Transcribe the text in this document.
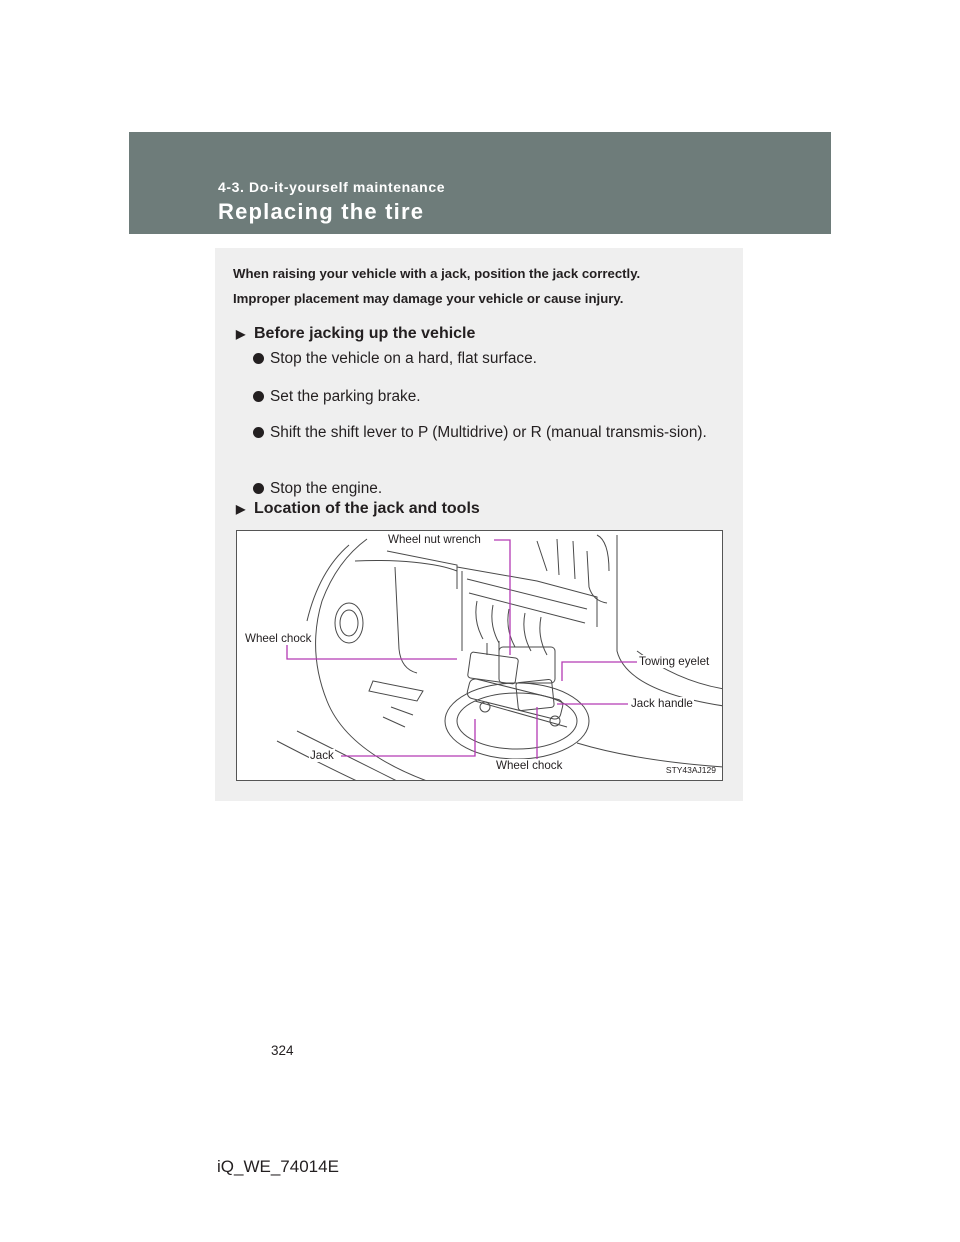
4-3. Do-it-yourself maintenance
Replacing the tire
When raising your vehicle with a jack, position the jack correctly.
Improper placement may damage your vehicle or cause injury.
▶ Before jacking up the vehicle
Stop the vehicle on a hard, flat surface.
Set the parking brake.
Shift the shift lever to P (Multidrive) or R (manual transmis-sion).
Stop the engine.
▶ Location of the jack and tools
Wheel nut wrench
Wheel chock
Towing eyelet
Jack handle
Jack
Wheel chock	STY43AJ129
324
iQ_WE_74014E
